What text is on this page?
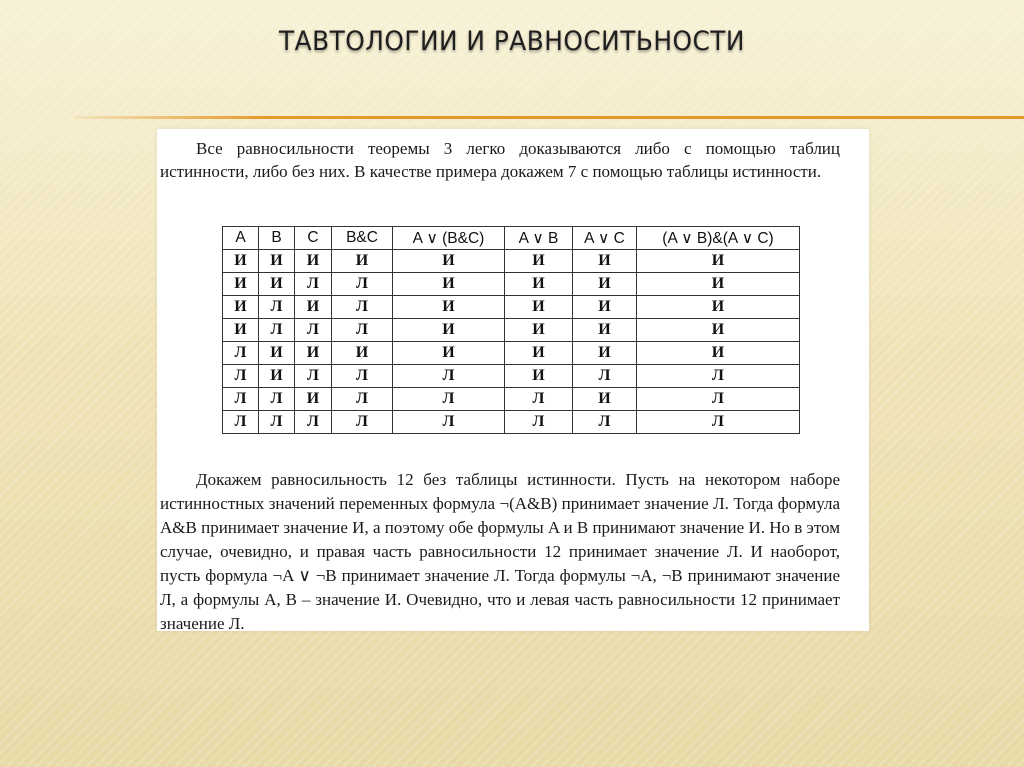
ТАВТОЛОГИИ И РАВНОСИТЬНОСТИ
Все равносильности теоремы 3 легко доказываются либо с помощью таблиц истинности, либо без них. В качестве примера докажем 7 с помощью таблицы истинности.
A	B	C	B&C	A ∨ (B&C)	A ∨ B	A ∨ C	(A ∨ B)&(A ∨ C)
И	И	И	И	И	И	И	И
И	И	Л	Л	И	И	И	И
И	Л	И	Л	И	И	И	И
И	Л	Л	Л	И	И	И	И
Л	И	И	И	И	И	И	И
Л	И	Л	Л	Л	И	Л	Л
Л	Л	И	Л	Л	Л	И	Л
Л	Л	Л	Л	Л	Л	Л	Л
Докажем равносильность 12 без таблицы истинности. Пусть на некотором наборе истинностных значений переменных формула ¬(A&B) принимает значение Л. Тогда формула A&B принимает значение И, а поэтому обе формулы A и B принимают значение И. Но в этом случае, очевидно, и правая часть равносильности 12 принимает значение Л. И наоборот, пусть формула ¬A ∨ ¬B принимает значение Л. Тогда формулы ¬A, ¬B принимают значение Л, а формулы A, B – значение И. Очевидно, что и левая часть равносильности 12 принимает значение Л.
